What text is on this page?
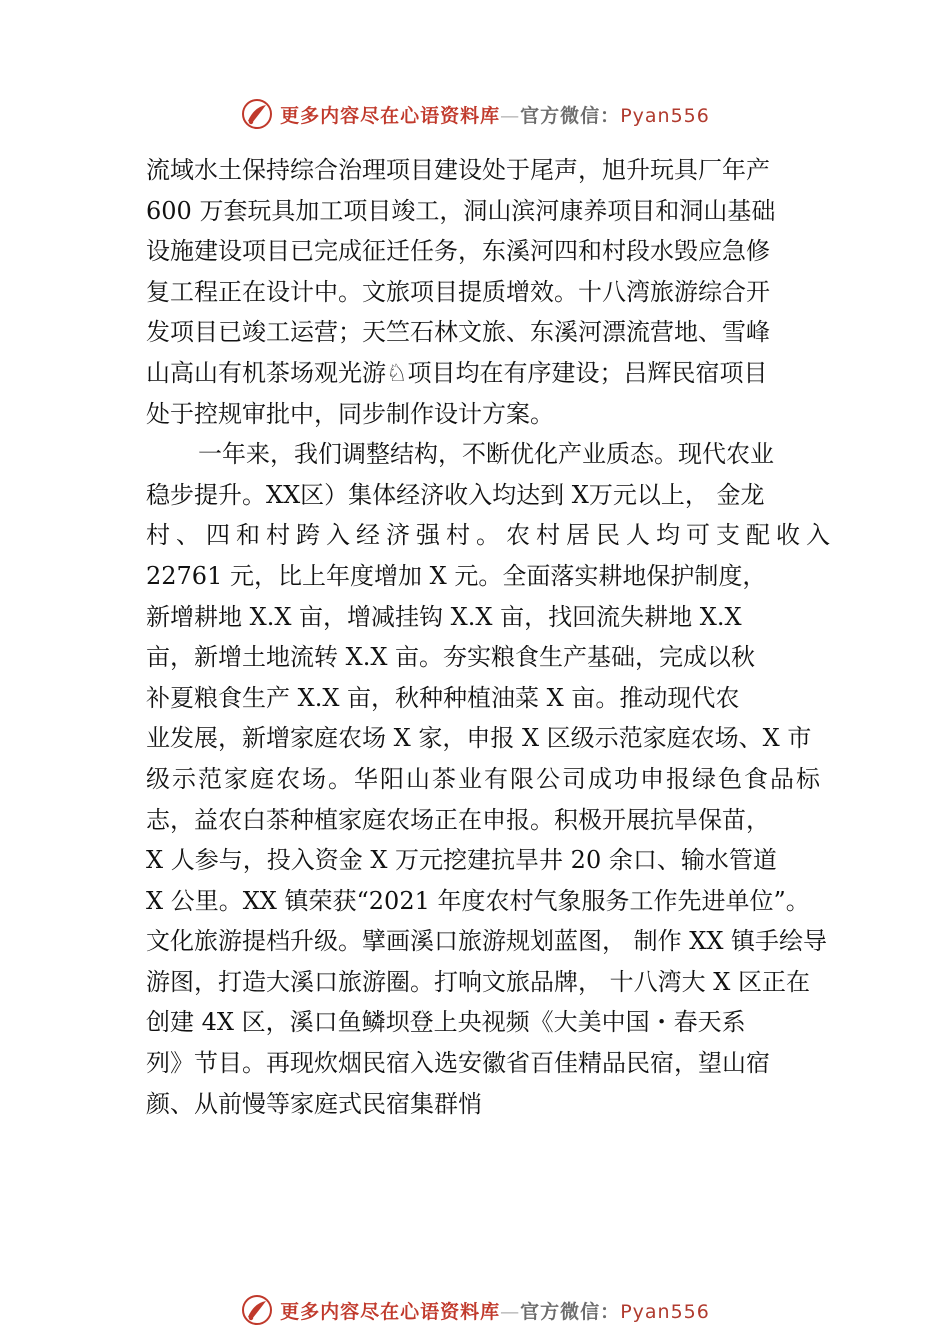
更多内容尽在心语资料库—官方微信：Pyan556
流域水土保持综合治理项目建设处于尾声，旭升玩具厂年产
600 万套玩具加工项目竣工，洞山滨河康养项目和洞山基础
设施建设项目已完成征迁任务，东溪河四和村段水毁应急修
复工程正在设计中。文旅项目提质增效。十八湾旅游综合开
发项目已竣工运营；天竺石林文旅、东溪河漂流营地、雪峰
山高山有机茶场观光游♘项目均在有序建设；吕辉民宿项目
处于控规审批中，同步制作设计方案。
一年来，我们调整结构，不断优化产业质态。现代农业
稳步提升。XX区）集体经济收入均达到 X万元以上， 金龙
村、四和村跨入经济强村。农村居民人均可支配收入
22761 元，比上年度增加 X 元。全面落实耕地保护制度，
新增耕地 X.X 亩，增减挂钩 X.X 亩，找回流失耕地 X.X
亩，新增土地流转 X.X 亩。夯实粮食生产基础，完成以秋
补夏粮食生产 X.X 亩，秋种种植油菜 X 亩。推动现代农
业发展，新增家庭农场 X 家，申报 X 区级示范家庭农场、X 市
级示范家庭农场。华阳山茶业有限公司成功申报绿色食品标
志，益农白茶种植家庭农场正在申报。积极开展抗旱保苗，
X 人参与，投入资金 X 万元挖建抗旱井 20 余口、输水管道
X 公里。XX 镇荣获“2021 年度农村气象服务工作先进单位”。
文化旅游提档升级。擘画溪口旅游规划蓝图， 制作 XX 镇手绘导
游图，打造大溪口旅游圈。打响文旅品牌， 十八湾大 X 区正在
创建 4X 区，溪口鱼鳞坝登上央视频《大美中国・春天系
列》节目。再现炊烟民宿入选安徽省百佳精品民宿，望山宿
颜、从前慢等家庭式民宿集群悄
更多内容尽在心语资料库—官方微信：Pyan556
